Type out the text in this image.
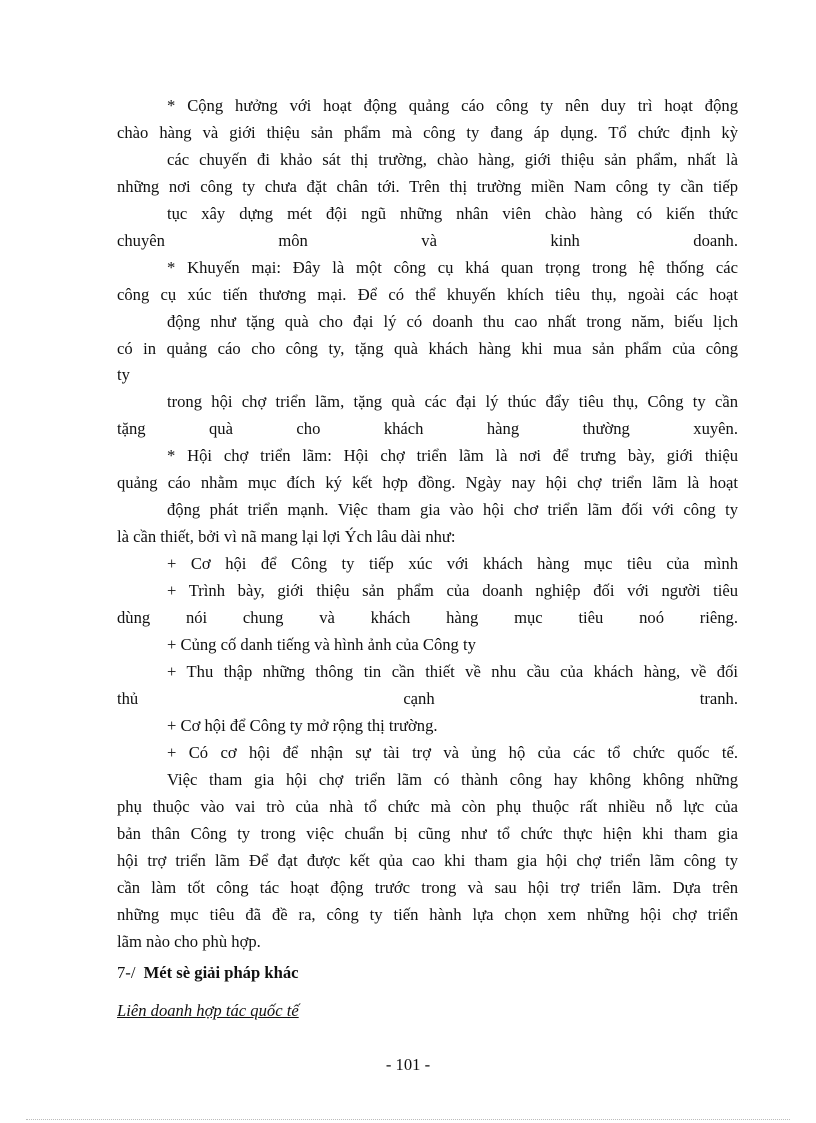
* Cộng hưởng với hoạt động quảng cáo công ty nên duy trì hoạt động
chào hàng và giới thiệu sản phẩm mà công ty đang áp dụng. Tổ chức định kỳ
các chuyến đi khảo sát thị trường, chào hàng, giới thiệu sản phẩm, nhất là
những nơi công ty chưa đặt chân tới. Trên thị trường miền Nam công ty cần tiếp
tục xây dựng mét đội ngũ những nhân viên chào hàng có kiến thức
chuyên môn và kinh doanh.
* Khuyến mại: Đây là một công cụ khá quan trọng trong hệ thống các
công cụ xúc tiến thương mại. Để có thể khuyến khích tiêu thụ, ngoài các hoạt
động như tặng quà cho đại lý có doanh thu cao nhất trong năm, biếu lịch
có in quảng cáo cho công ty, tặng quà khách hàng khi mua sản phẩm của công
ty
trong hội chợ triển lãm, tặng quà các đại lý thúc đẩy tiêu thụ, Công ty cần
tặng quà cho khách hàng thường xuyên.
* Hội chợ triển lãm: Hội chợ triển lãm là nơi để trưng bày, giới thiệu
quảng cáo nhằm mục đích ký kết hợp đồng. Ngày nay hội chợ triển lãm là hoạt
động phát triển mạnh. Việc tham gia vào hội chơ triển lãm đối với công ty
là cần thiết, bởi vì nã mang lại lợi Ých lâu dài như:
+ Cơ hội để Công ty tiếp xúc với khách hàng mục tiêu của mình
+ Trình bày, giới thiệu sản phẩm của doanh nghiệp đối với người tiêu
dùng nói chung và khách hàng mục tiêu noó riêng.
+ Củng cố danh tiếng và hình ảnh của Công ty
+ Thu thập những thông tin cần thiết về nhu cầu của khách hàng, về đối
thủ cạnh tranh.
+ Cơ hội để Công ty mở rộng thị trường.
+ Có cơ hội để nhận sự tài trợ và ủng hộ của các tổ chức quốc tế.
Việc tham gia hội chợ triển lãm có thành công hay không không những
phụ thuộc vào vai trò của nhà tổ chức mà còn phụ thuộc rất nhiều nỗ lực của
bản thân Công ty trong việc chuẩn bị cũng như tổ chức thực hiện khi tham gia
hội trợ triển lãm Để đạt được kết qủa cao khi tham gia hội chợ triển lãm công ty
cần làm tốt công tác hoạt động trước trong và sau hội trợ triển lãm. Dựa trên
những mục tiêu đã đề ra, công ty tiến hành lựa chọn xem những hội chợ triển
lãm nào cho phù hợp.
7-/ Mét sè giải pháp khác
Liên doanh hợp tác quốc tế
- 101 -
